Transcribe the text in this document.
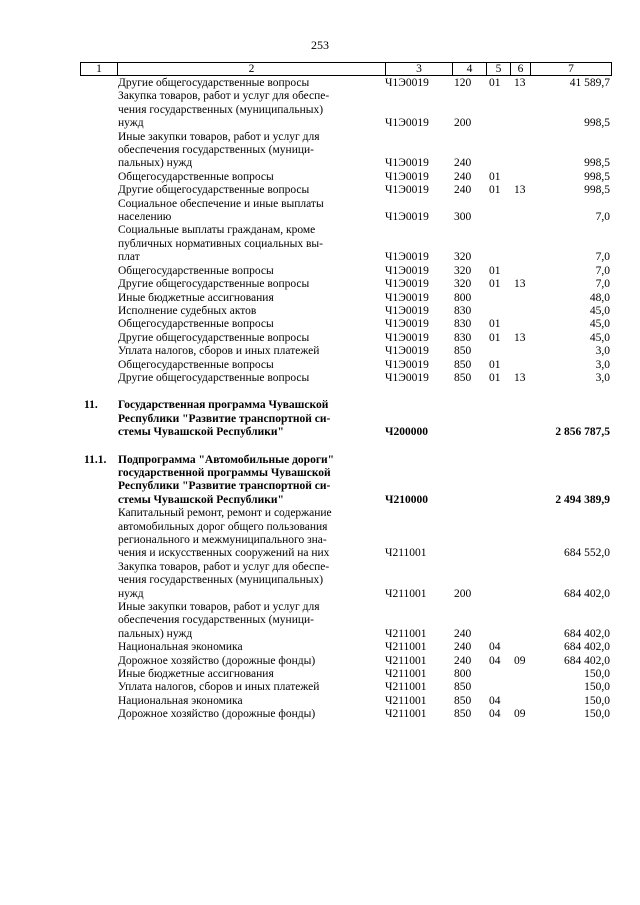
253
1	2	3	4	5	6	7
Другие общегосударственные вопросы	Ч1Э0019 120 01 13	41 589,7
Закупка товаров, работ и услуг для обеспе-
чения государственных (муниципальных)
нужд	Ч1Э0019 200	998,5
Иные закупки товаров, работ и услуг для
обеспечения государственных (муници-
пальных) нужд	Ч1Э0019 240	998,5
Общегосударственные вопросы	Ч1Э0019 240 01	998,5
Другие общегосударственные вопросы	Ч1Э0019 240 01 13	998,5
Социальное обеспечение и иные выплаты
населению	Ч1Э0019 300	7,0
Социальные выплаты гражданам, кроме
публичных нормативных социальных вы-
плат	Ч1Э0019 320	7,0
Общегосударственные вопросы	Ч1Э0019 320 01	7,0
Другие общегосударственные вопросы	Ч1Э0019 320 01 13	7,0
Иные бюджетные ассигнования	Ч1Э0019 800	48,0
Исполнение судебных актов	Ч1Э0019 830	45,0
Общегосударственные вопросы	Ч1Э0019 830 01	45,0
Другие общегосударственные вопросы	Ч1Э0019 830 01 13	45,0
Уплата налогов, сборов и иных платежей	Ч1Э0019 850	3,0
Общегосударственные вопросы	Ч1Э0019 850 01	3,0
Другие общегосударственные вопросы	Ч1Э0019 850 01 13	3,0
11. Государственная программа Чувашской
Республики "Развитие транспортной си-
стемы Чувашской Республики"	Ч200000	2 856 787,5
11.1. Подпрограмма "Автомобильные дороги"
государственной программы Чувашской
Республики "Развитие транспортной си-
стемы Чувашской Республики"	Ч210000	2 494 389,9
Капитальный ремонт, ремонт и содержание
автомобильных дорог общего пользования
регионального и межмуниципального зна-
чения и искусственных сооружений на них	Ч211001	684 552,0
Закупка товаров, работ и услуг для обеспе-
чения государственных (муниципальных)
нужд	Ч211001 200	684 402,0
Иные закупки товаров, работ и услуг для
обеспечения государственных (муници-
пальных) нужд	Ч211001 240	684 402,0
Национальная экономика	Ч211001 240 04	684 402,0
Дорожное хозяйство (дорожные фонды)	Ч211001 240 04 09	684 402,0
Иные бюджетные ассигнования	Ч211001 800	150,0
Уплата налогов, сборов и иных платежей	Ч211001 850	150,0
Национальная экономика	Ч211001 850 04	150,0
Дорожное хозяйство (дорожные фонды)	Ч211001 850 04 09	150,0
